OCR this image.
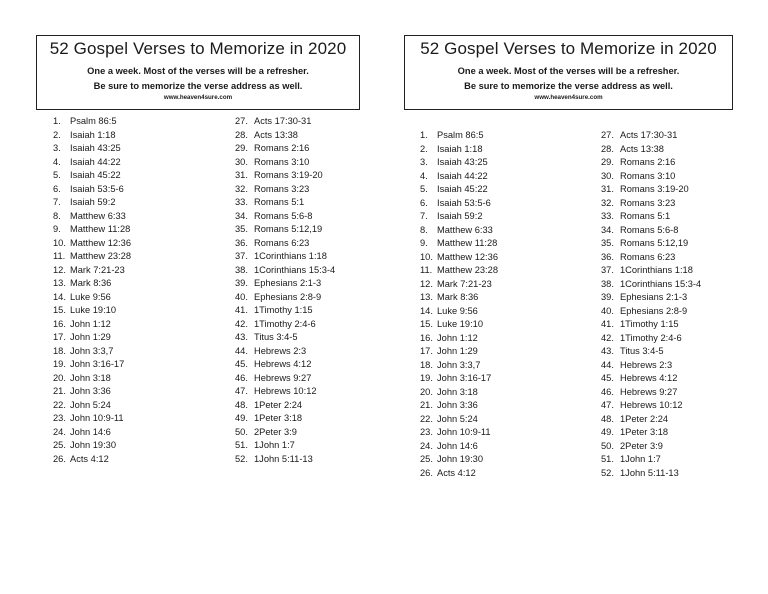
52 Gospel Verses to Memorize in 2020
One a week. Most of the verses will be a refresher.
Be sure to memorize the verse address as well.
www.heaven4sure.com
1. Psalm 86:5
2. Isaiah 1:18
3. Isaiah 43:25
4. Isaiah 44:22
5. Isaiah 45:22
6. Isaiah 53:5-6
7. Isaiah 59:2
8. Matthew 6:33
9. Matthew 11:28
10. Matthew 12:36
11. Matthew 23:28
12. Mark 7:21-23
13. Mark 8:36
14. Luke 9:56
15. Luke 19:10
16. John 1:12
17. John 1:29
18. John 3:3,7
19. John 3:16-17
20. John 3:18
21. John 3:36
22. John 5:24
23. John 10:9-11
24. John 14:6
25. John 19:30
26. Acts 4:12
27. Acts 17:30-31
28. Acts 13:38
29. Romans 2:16
30. Romans 3:10
31. Romans 3:19-20
32. Romans 3:23
33. Romans 5:1
34. Romans 5:6-8
35. Romans 5:12,19
36. Romans 6:23
37. 1Corinthians 1:18
38. 1Corinthians 15:3-4
39. Ephesians 2:1-3
40. Ephesians 2:8-9
41. 1Timothy 1:15
42. 1Timothy 2:4-6
43. Titus 3:4-5
44. Hebrews 2:3
45. Hebrews 4:12
46. Hebrews 9:27
47. Hebrews 10:12
48. 1Peter 2:24
49. 1Peter 3:18
50. 2Peter 3:9
51. 1John 1:7
52. 1John 5:11-13
52 Gospel Verses to Memorize in 2020
One a week. Most of the verses will be a refresher.
Be sure to memorize the verse address as well.
www.heaven4sure.com
1. Psalm 86:5
2. Isaiah 1:18
3. Isaiah 43:25
4. Isaiah 44:22
5. Isaiah 45:22
6. Isaiah 53:5-6
7. Isaiah 59:2
8. Matthew 6:33
9. Matthew 11:28
10. Matthew 12:36
11. Matthew 23:28
12. Mark 7:21-23
13. Mark 8:36
14. Luke 9:56
15. Luke 19:10
16. John 1:12
17. John 1:29
18. John 3:3,7
19. John 3:16-17
20. John 3:18
21. John 3:36
22. John 5:24
23. John 10:9-11
24. John 14:6
25. John 19:30
26. Acts 4:12
27. Acts 17:30-31
28. Acts 13:38
29. Romans 2:16
30. Romans 3:10
31. Romans 3:19-20
32. Romans 3:23
33. Romans 5:1
34. Romans 5:6-8
35. Romans 5:12,19
36. Romans 6:23
37. 1Corinthians 1:18
38. 1Corinthians 15:3-4
39. Ephesians 2:1-3
40. Ephesians 2:8-9
41. 1Timothy 1:15
42. 1Timothy 2:4-6
43. Titus 3:4-5
44. Hebrews 2:3
45. Hebrews 4:12
46. Hebrews 9:27
47. Hebrews 10:12
48. 1Peter 2:24
49. 1Peter 3:18
50. 2Peter 3:9
51. 1John 1:7
52. 1John 5:11-13
